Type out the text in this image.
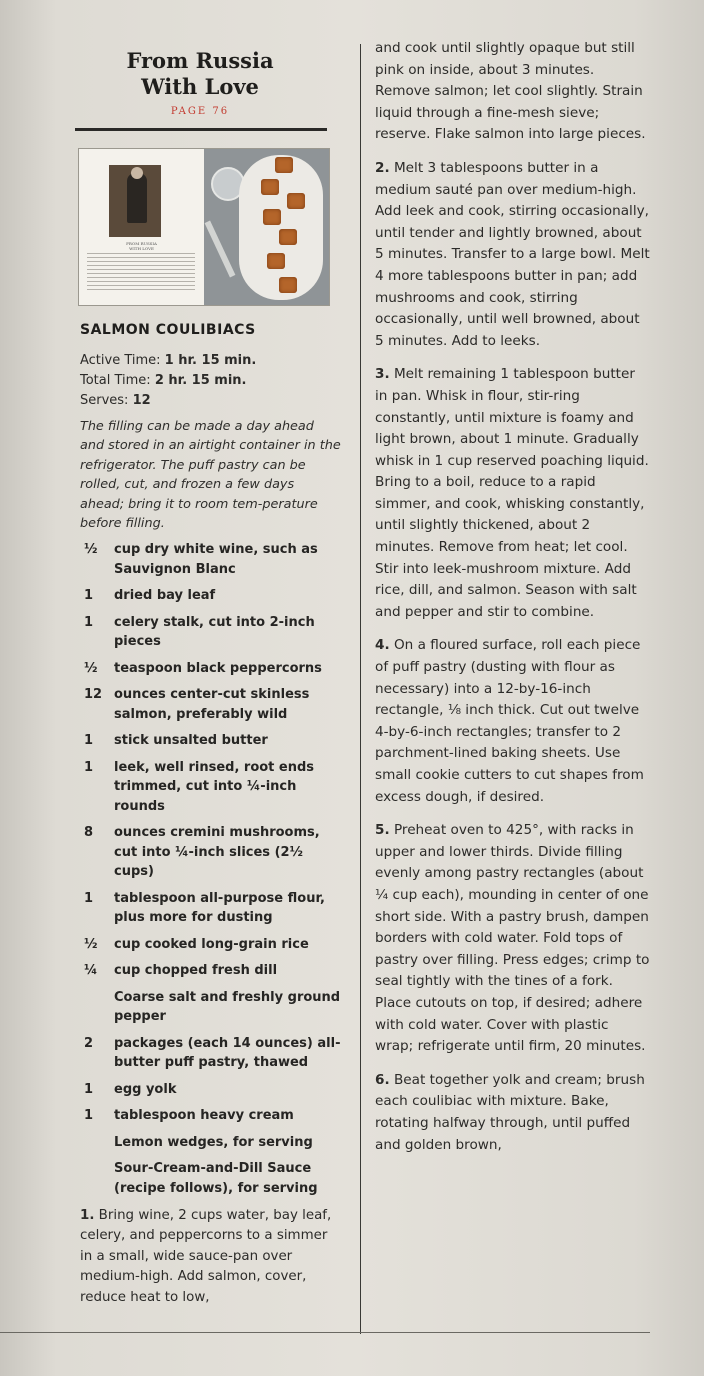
From Russia
With Love
PAGE 76
FROM RUSSIA
WITH LOVE
SALMON COULIBIACS
Active Time: 1 hr. 15 min.
Total Time: 2 hr. 15 min.
Serves: 12
The filling can be made a day ahead and stored in an airtight container in the refrigerator. The puff pastry can be rolled, cut, and frozen a few days ahead; bring it to room tem-perature before filling.
½	cup dry white wine, such as Sauvignon Blanc
1	dried bay leaf
1	celery stalk, cut into 2-inch pieces
½	teaspoon black peppercorns
12 ounces center-cut skinless salmon, preferably wild
1	stick unsalted butter
1	leek, well rinsed, root ends trimmed, cut into ¼-inch rounds
8	ounces cremini mushrooms, cut into ¼-inch slices (2½ cups)
1	tablespoon all-purpose flour, plus more for dusting
½	cup cooked long-grain rice
¼	cup chopped fresh dill
Coarse salt and freshly ground pepper
2	packages (each 14 ounces) all-butter puff pastry, thawed
1	egg yolk
1	tablespoon heavy cream
Lemon wedges, for serving
Sour-Cream-and-Dill Sauce (recipe follows), for serving
1. Bring wine, 2 cups water, bay leaf, celery, and peppercorns to a simmer in a small, wide sauce-pan over medium-high. Add salmon, cover, reduce heat to low,

and cook until slightly opaque but still pink on inside, about 3 minutes. Remove salmon; let cool slightly. Strain liquid through a fine-mesh sieve; reserve. Flake salmon into large pieces.

2. Melt 3 tablespoons butter in a medium sauté pan over medium-high. Add leek and cook, stirring occasionally, until tender and lightly browned, about 5 minutes. Transfer to a large bowl. Melt 4 more tablespoons butter in pan; add mushrooms and cook, stirring occasionally, until well browned, about 5 minutes. Add to leeks.

3. Melt remaining 1 tablespoon butter in pan. Whisk in flour, stir-ring constantly, until mixture is foamy and light brown, about 1 minute. Gradually whisk in 1 cup reserved poaching liquid. Bring to a boil, reduce to a rapid simmer, and cook, whisking constantly, until slightly thickened, about 2 minutes. Remove from heat; let cool. Stir into leek-mushroom mixture. Add rice, dill, and salmon. Season with salt and pepper and stir to combine.

4. On a floured surface, roll each piece of puff pastry (dusting with flour as necessary) into a 12-by-16-inch rectangle, ⅛ inch thick. Cut out twelve 4-by-6-inch rectangles; transfer to 2 parchment-lined baking sheets. Use small cookie cutters to cut shapes from excess dough, if desired.

5. Preheat oven to 425°, with racks in upper and lower thirds. Divide filling evenly among pastry rectangles (about ¼ cup each), mounding in center of one short side. With a pastry brush, dampen borders with cold water. Fold tops of pastry over filling. Press edges; crimp to seal tightly with the tines of a fork. Place cutouts on top, if desired; adhere with cold water. Cover with plastic wrap; refrigerate until firm, 20 minutes.

6. Beat together yolk and cream; brush each coulibiac with mixture. Bake, rotating halfway through, until puffed and golden brown,
